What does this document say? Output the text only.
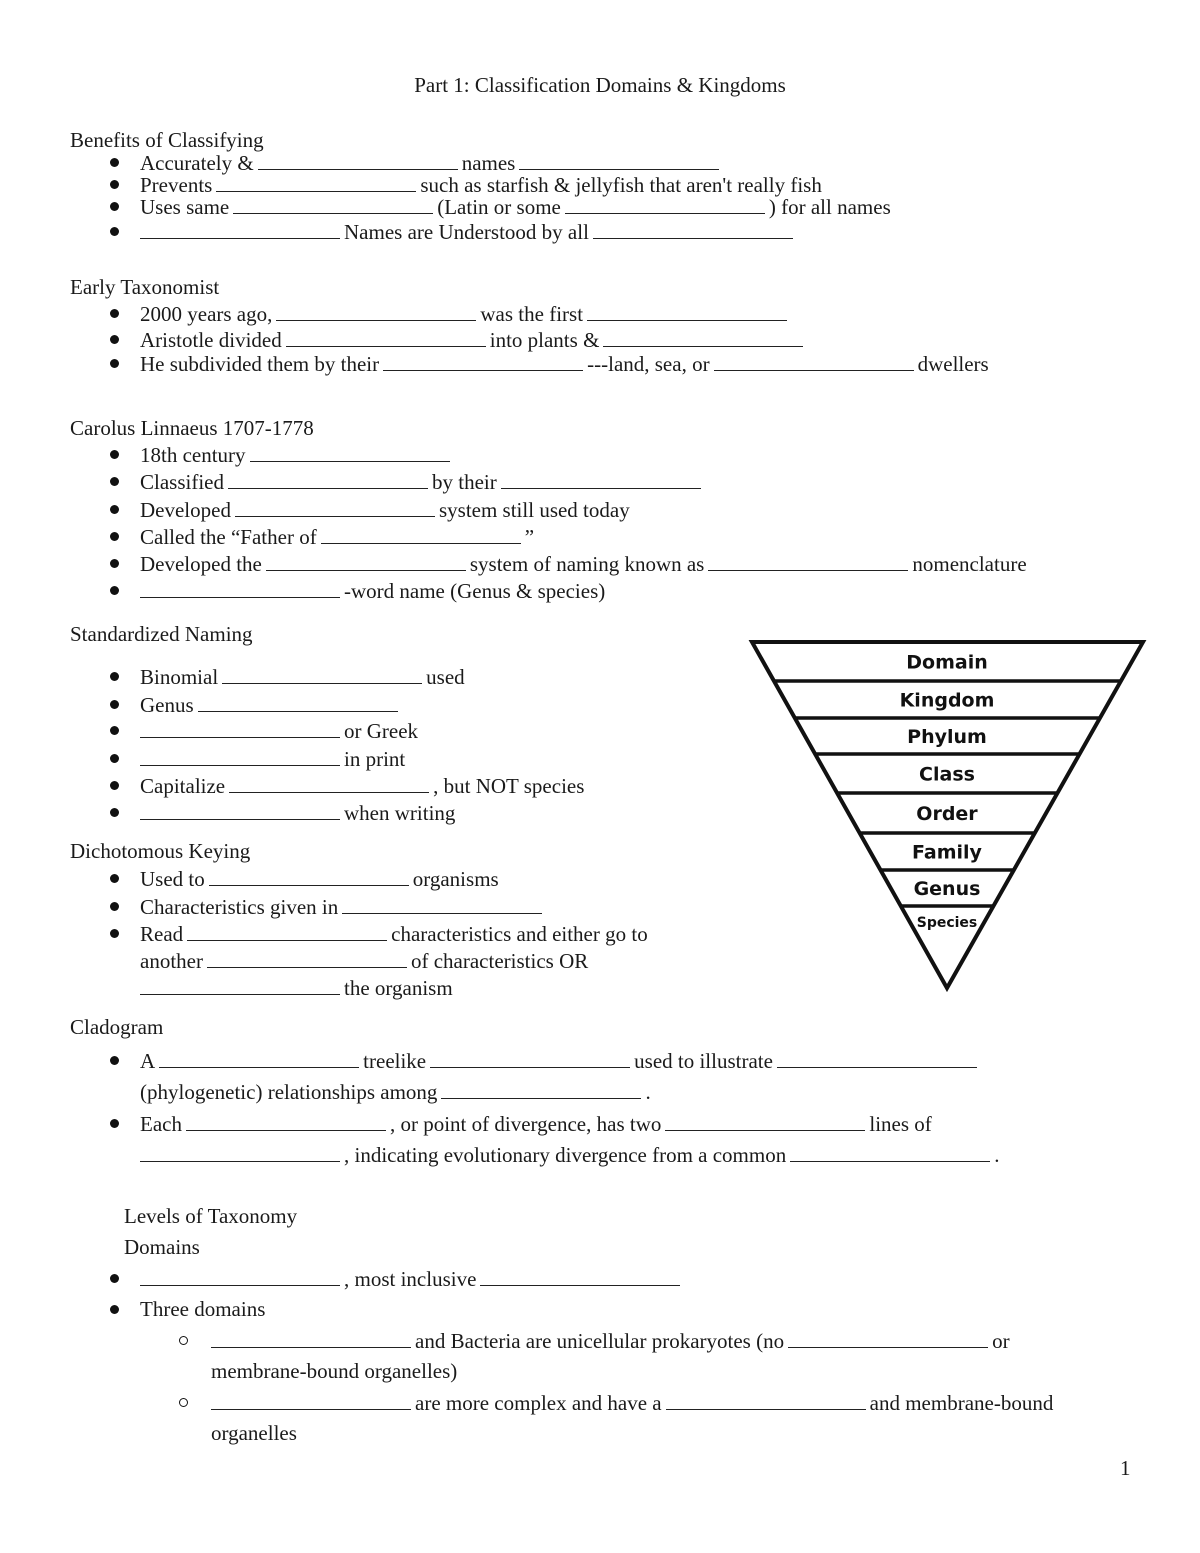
Part 1: Classification Domains & Kingdoms
Benefits of Classifying
Accurately &	names
Prevents	such as starfish & jellyfish that aren't really fish
Uses same	(Latin or some	) for all names
Names are Understood by all
Early Taxonomist
2000 years ago,	was the first
Aristotle divided	into plants &
He subdivided them by their	---land, sea, or	dwellers
Carolus Linnaeus 1707-1778
18th century
Classified	by their
Developed	system still used today
Called the “Father of	”
Developed the	system of naming known as	nomenclature
-word name (Genus & species)
Standardized Naming
Binomial	used
Genus
or Greek
in print
Capitalize	, but NOT species
when writing
Dichotomous Keying
Used to	organisms
Characteristics given in
Read	characteristics and either go to
another	of characteristics OR
the organism
Domain
Kingdom
Phylum
Class
Order
Family
Genus
Species
Cladogram
A	treelike	used to illustrate
(phylogenetic) relationships among	.
Each	, or point of divergence, has two	lines of
, indicating evolutionary divergence from a common	.
Levels of Taxonomy
Domains
, most inclusive
Three domains
and Bacteria are unicellular prokaryotes (no	or
membrane-bound organelles)
are more complex and have a	and membrane-bound
organelles
1
